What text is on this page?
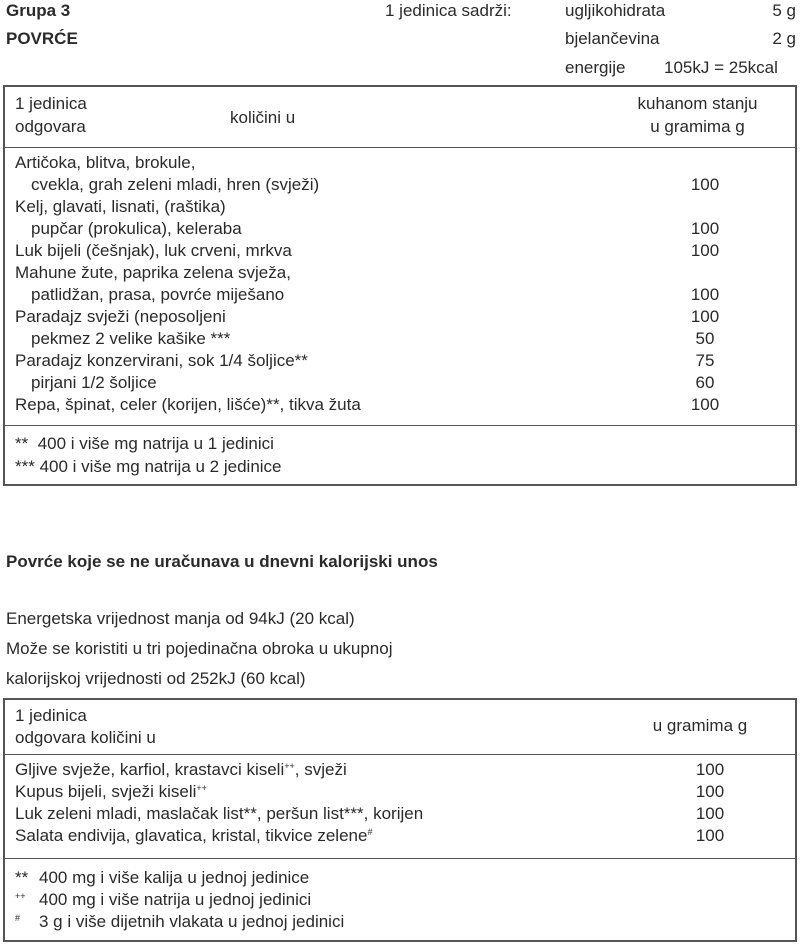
Grupa 3
POVRĆE
1 jedinica sadrži:	ugljikohidrata	5 g
bjelančevina	2 g
energije 105kJ = 25kcal
1 jedinica
odgovara	količini u
kuhanom stanju
u gramima g
Artičoka, blitva, brokule,
cvekla, grah zeleni mladi, hren (svježi)	100
Kelj, glavati, lisnati, (raštika)
pupčar (prokulica), keleraba	100
Luk bijeli (češnjak), luk crveni, mrkva	100
Mahune žute, paprika zelena svježa,
patlidžan, prasa, povrće miješano	100
Paradajz svježi (neposoljeni	100
pekmez 2 velike kašike ***	50
Paradajz konzervirani, sok 1/4 šoljice**	75
pirjani 1/2 šoljice	60
Repa, špinat, celer (korijen, lišće)**, tikva žuta	100
** 400 i više mg natrija u 1 jedinici
*** 400 i više mg natrija u 2 jedinice
Povrće koje se ne uračunava u dnevni kalorijski unos
Energetska vrijednost manja od 94kJ (20 kcal)
Može se koristiti u tri pojedinačna obroka u ukupnoj
kalorijskoj vrijednosti od 252kJ (60 kcal)
1 jedinica
odgovara količini u
u gramima g
Gljive svježe, karfiol, krastavci kiseli++, svježi	100
Kupus bijeli, svježi kiseli++	100
Luk zeleni mladi, maslačak list**, peršun list***, korijen	100
Salata endivija, glavatica, kristal, tikvice zelene#	100
** 400 mg i više kalija u jednoj jedinice
++ 400 mg i više natrija u jednoj jedinici
# 3 g i više dijetnih vlakata u jednoj jedinici
